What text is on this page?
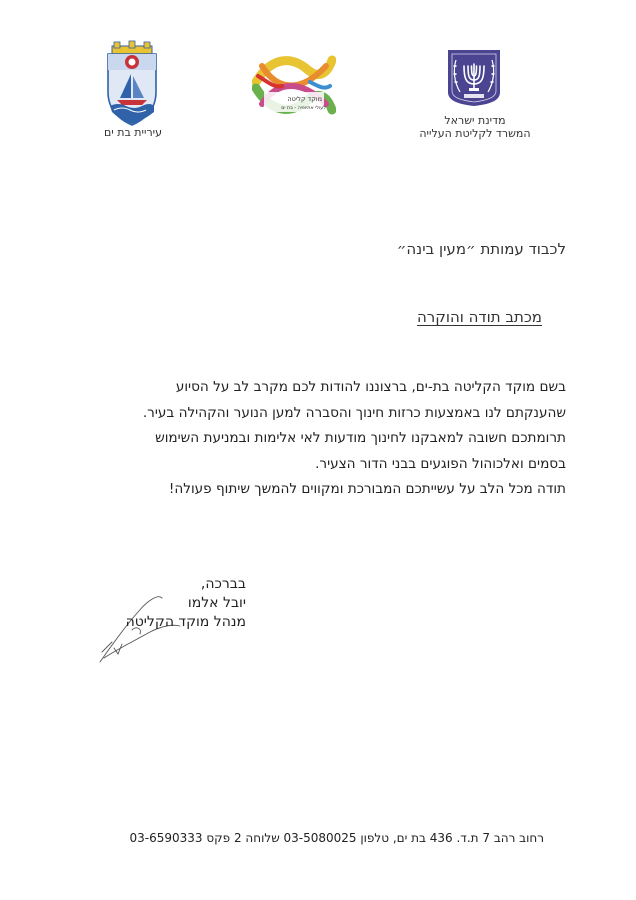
עיריית בת ים
מוקד קליטה
לעולי אתיופיה - בת ים
מדינת ישראל
המשרד לקליטת העלייה
לכבוד עמותת ״מעין בינה״
מכתב תודה והוקרה

בשם מוקד הקליטה בת-ים, ברצוננו להודות לכם מקרב לב על הסיוע

שהענקתם לנו באמצעות כרזות חינוך והסברה למען הנוער והקהילה בעיר.

תרומתכם חשובה למאבקנו לחינוך מודעות לאי אלימות ובמניעת השימוש

בסמים ואלכוהול הפוגעים בבני הדור הצעיר.

תודה מכל הלב על עשייתכם המבורכת ומקווים להמשך שיתוף פעולה!

בברכה,
יובל אלמו
מנהל מוקד הקליטה
רחוב רהב 7 ת.ד. 436 בת ים, טלפון 03-5080025 שלוחה 2 פקס 03-6590333
